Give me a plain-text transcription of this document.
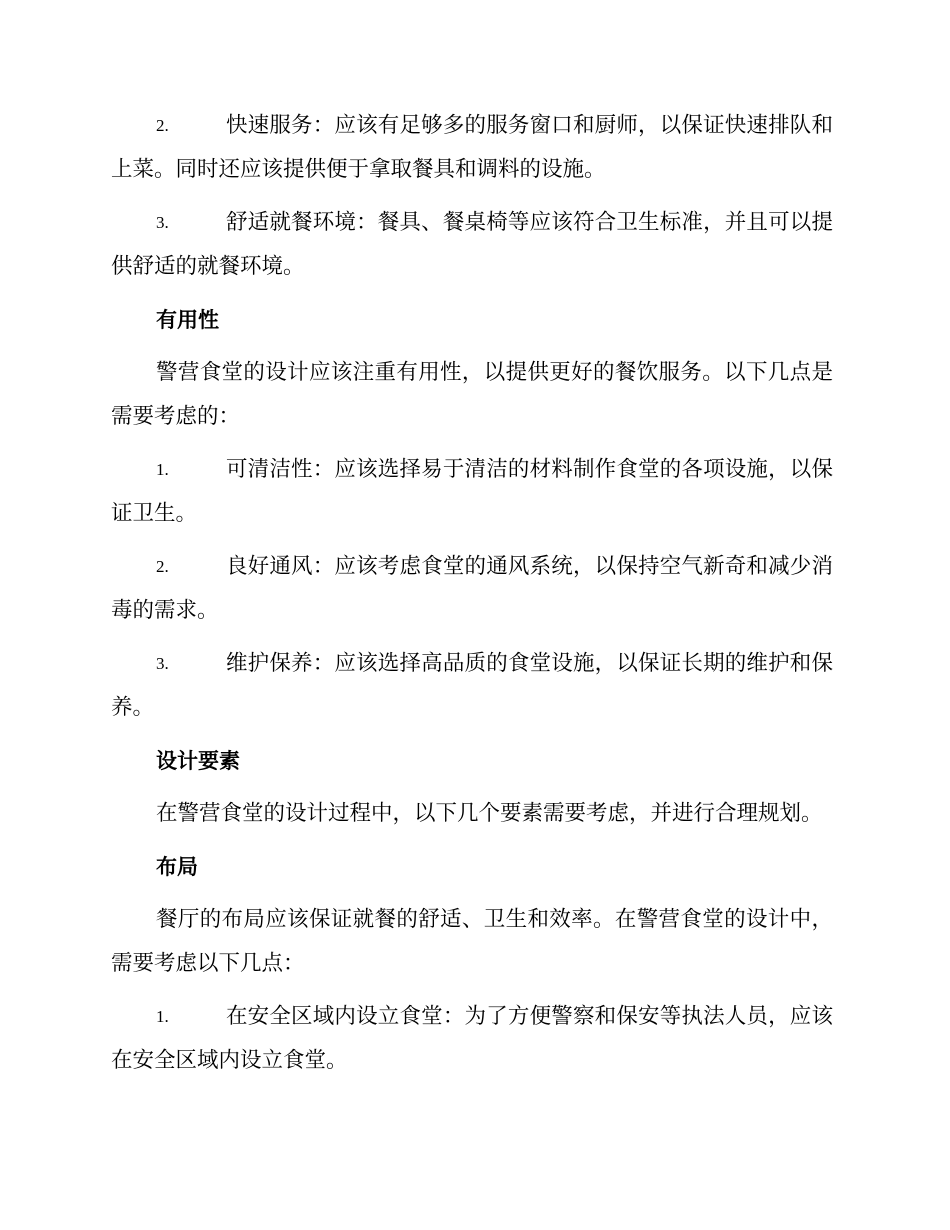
2.	快速服务：应该有足够多的服务窗口和厨师，以保证快速排队和上菜。同时还应该提供便于拿取餐具和调料的设施。
3.	舒适就餐环境：餐具、餐桌椅等应该符合卫生标准，并且可以提供舒适的就餐环境。
有用性
警营食堂的设计应该注重有用性，以提供更好的餐饮服务。以下几点是需要考虑的：
1.	可清洁性：应该选择易于清洁的材料制作食堂的各项设施，以保证卫生。
2.	良好通风：应该考虑食堂的通风系统，以保持空气新奇和减少消毒的需求。
3.	维护保养：应该选择高品质的食堂设施，以保证长期的维护和保养。
设计要素
在警营食堂的设计过程中，以下几个要素需要考虑，并进行合理规划。
布局
餐厅的布局应该保证就餐的舒适、卫生和效率。在警营食堂的设计中，需要考虑以下几点：
1.	在安全区域内设立食堂：为了方便警察和保安等执法人员，应该在安全区域内设立食堂。
